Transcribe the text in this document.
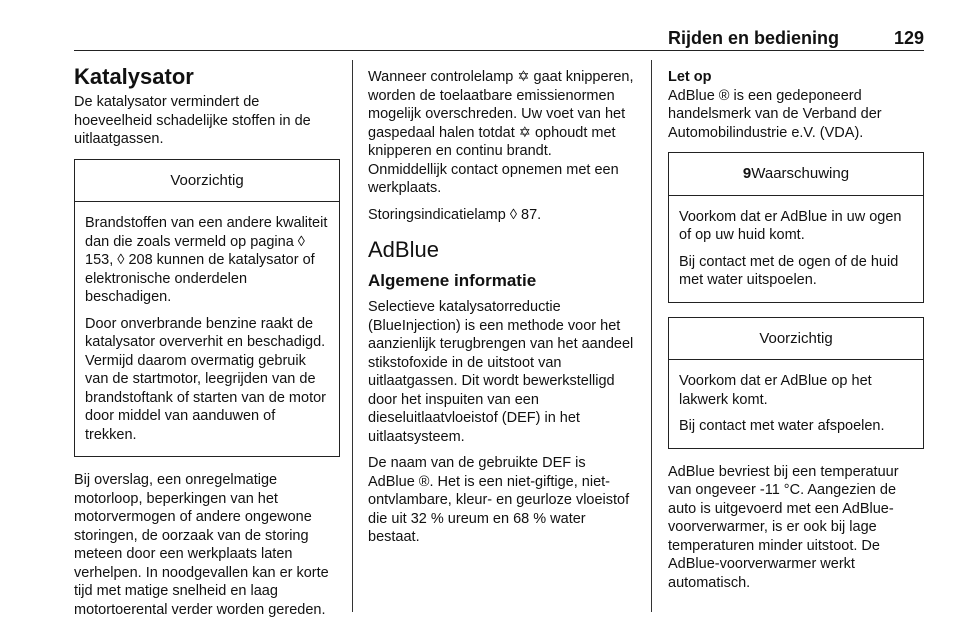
Rijden en bediening	129
Katalysator

De katalysator vermindert de hoeveelheid schadelijke stoffen in de uitlaatgassen.

Voorzichtig

Brandstoffen van een andere kwaliteit dan die zoals vermeld op pagina ◊ 153, ◊ 208 kunnen de katalysator of elektronische onderdelen beschadigen.

Door onverbrande benzine raakt de katalysator oververhit en beschadigd. Vermijd daarom overmatig gebruik van de startmotor, leegrijden van de brandstoftank of starten van de motor door middel van aanduwen of trekken.

Bij overslag, een onregelmatige motorloop, beperkingen van het motorvermogen of andere ongewone storingen, de oorzaak van de storing meteen door een werkplaats laten verhelpen. In noodgevallen kan er korte tijd met matige snelheid en laag motortoerental verder worden gereden.

Wanneer controlelamp ✡ gaat knipperen, worden de toelaatbare emissienormen mogelijk overschreden. Uw voet van het gaspedaal halen totdat ✡ ophoudt met knipperen en continu brandt. Onmiddellijk contact opnemen met een werkplaats.

Storingsindicatielamp ◊ 87.

AdBlue
Algemene informatie

Selectieve katalysatorreductie (BlueInjection) is een methode voor het aanzienlijk terugbrengen van het aandeel stikstofoxide in de uitstoot van uitlaatgassen. Dit wordt bewerkstelligd door het inspuiten van een dieseluitlaatvloeistof (DEF) in het uitlaatsysteem.

De naam van de gebruikte DEF is AdBlue ®. Het is een niet-giftige, niet-ontvlambare, kleur- en geurloze vloeistof die uit 32 % ureum en 68 % water bestaat.

Let op

AdBlue ® is een gedeponeerd handelsmerk van de Verband der Automobilindustrie e.V. (VDA).

9Waarschuwing

Voorkom dat er AdBlue in uw ogen of op uw huid komt.

Bij contact met de ogen of de huid met water uitspoelen.

Voorzichtig

Voorkom dat er AdBlue op het lakwerk komt.

Bij contact met water afspoelen.

AdBlue bevriest bij een temperatuur van ongeveer -11 °C. Aangezien de auto is uitgevoerd met een AdBlue-voorverwarmer, is er ook bij lage temperaturen minder uitstoot. De AdBlue-voorverwarmer werkt automatisch.
